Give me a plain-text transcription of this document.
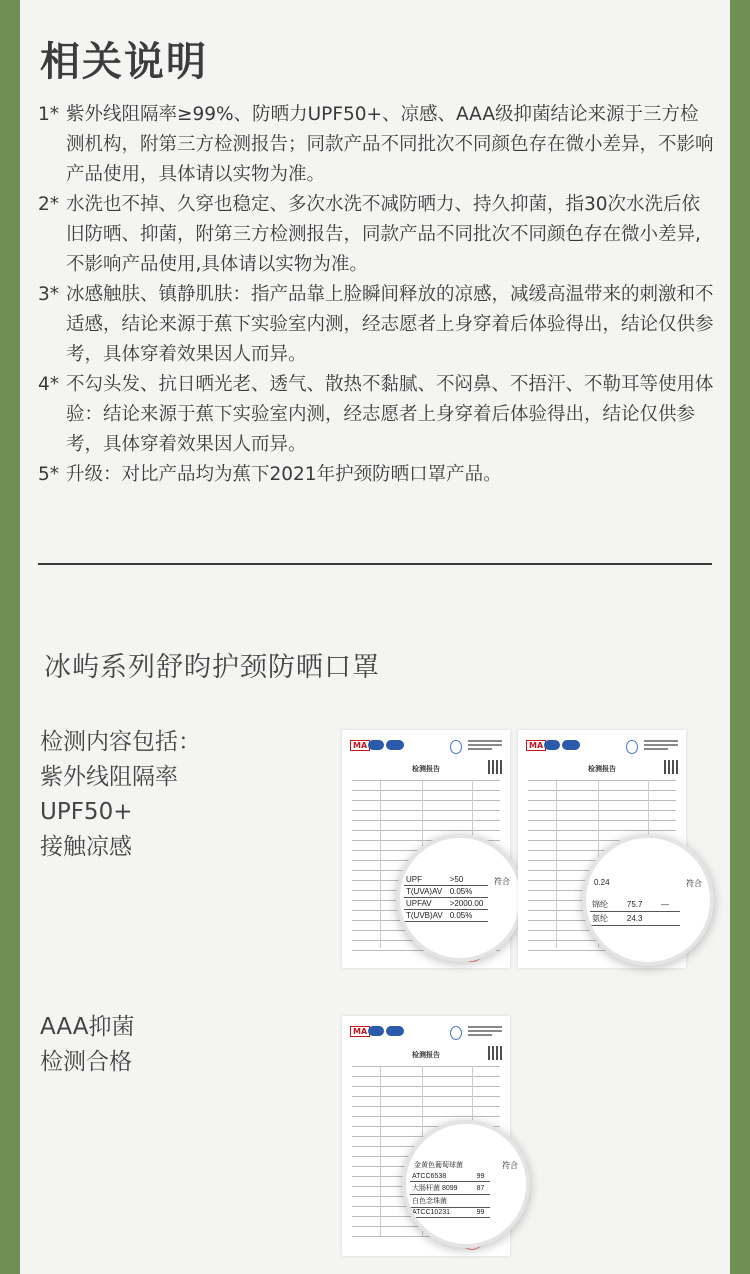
相关说明
1* 紫外线阻隔率≥99%、防晒力UPF50+、凉感、AAA级抑菌结论来源于三方检测机构，附第三方检测报告；同款产品不同批次不同颜色存在微小差异，不影响产品使用，具体请以实物为准。
2* 水洗也不掉、久穿也稳定、多次水洗不减防晒力、持久抑菌，指30次水洗后依旧防晒、抑菌，附第三方检测报告，同款产品不同批次不同颜色存在微小差异,不影响产品使用,具体请以实物为准。
3* 冰感触肤、镇静肌肤：指产品靠上脸瞬间释放的凉感，减缓高温带来的刺激和不适感，结论来源于蕉下实验室内测，经志愿者上身穿着后体验得出，结论仅供参考，具体穿着效果因人而异。
4* 不勾头发、抗日晒光老、透气、散热不黏腻、不闷鼻、不捂汗、不勒耳等使用体验：结论来源于蕉下实验室内测，经志愿者上身穿着后体验得出，结论仅供参考，具体穿着效果因人而异。
5* 升级：对比产品均为蕉下2021年护颈防晒口罩产品。
冰屿系列舒昀护颈防晒口罩
检测内容包括：
紫外线阻隔率
UPF50+
接触凉感
AAA抑菌
检测合格
MA
检测报告
UPF	>50
T(UVA)AV	0.05%
UPFAV	>2000.00
T(UVB)AV	0.05%
符合
MA
检测报告
0.24	符合
锦纶	75.7	—
氨纶	24.3	
MA
检测报告
金黄色葡萄球菌	符合
ATCC6538	99
大肠杆菌 8099	87
白色念珠菌	
ATCC10231	99
